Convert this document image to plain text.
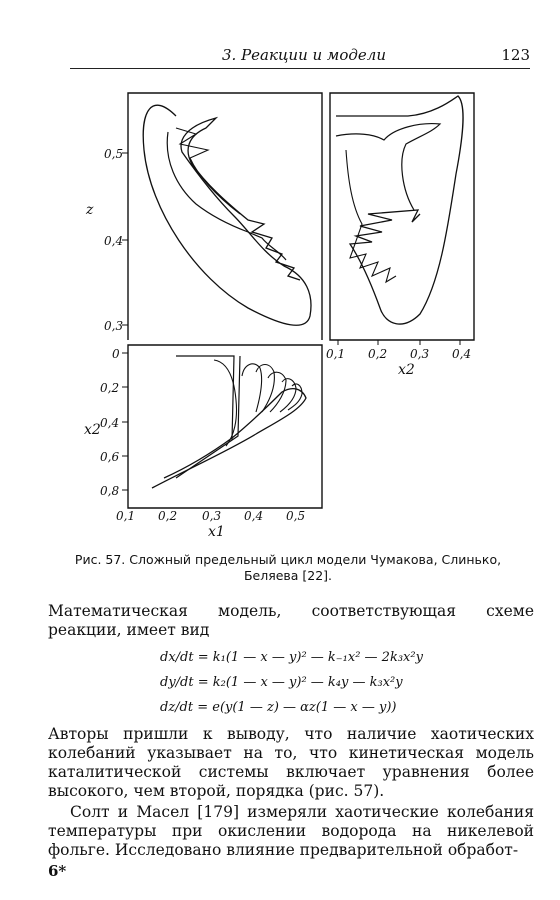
3. Реакции и модели	123
0,5
0,4
0,3
z
0,1 0,2 0,3 0,4
x2
0
0,2
0,4
0,6
0,8
x2
0,1 0,2 0,3 0,4 0,5
x1
Рис. 57. Сложный предельный цикл модели Чумакова, Слинько, Беляева [22].
Математическая модель, соответствующая схеме реакции, имеет вид
dx/dt = k₁(1 — x — y)² — k₋₁x² — 2k₃x²y
dy/dt = k₂(1 — x — y)² — k₄y — k₃x²y
dz/dt = e(y(1 — z) — αz(1 — x — y))
Авторы пришли к выводу, что наличие хаотических колебаний указывает на то, что кинетическая модель каталитической системы включает уравнения более высокого, чем второй, порядка (рис. 57).
Солт и Масел [179] измеряли хаотические колебания температуры при окислении водорода на никелевой фольге. Исследовано влияние предварительной обработ-
6*
